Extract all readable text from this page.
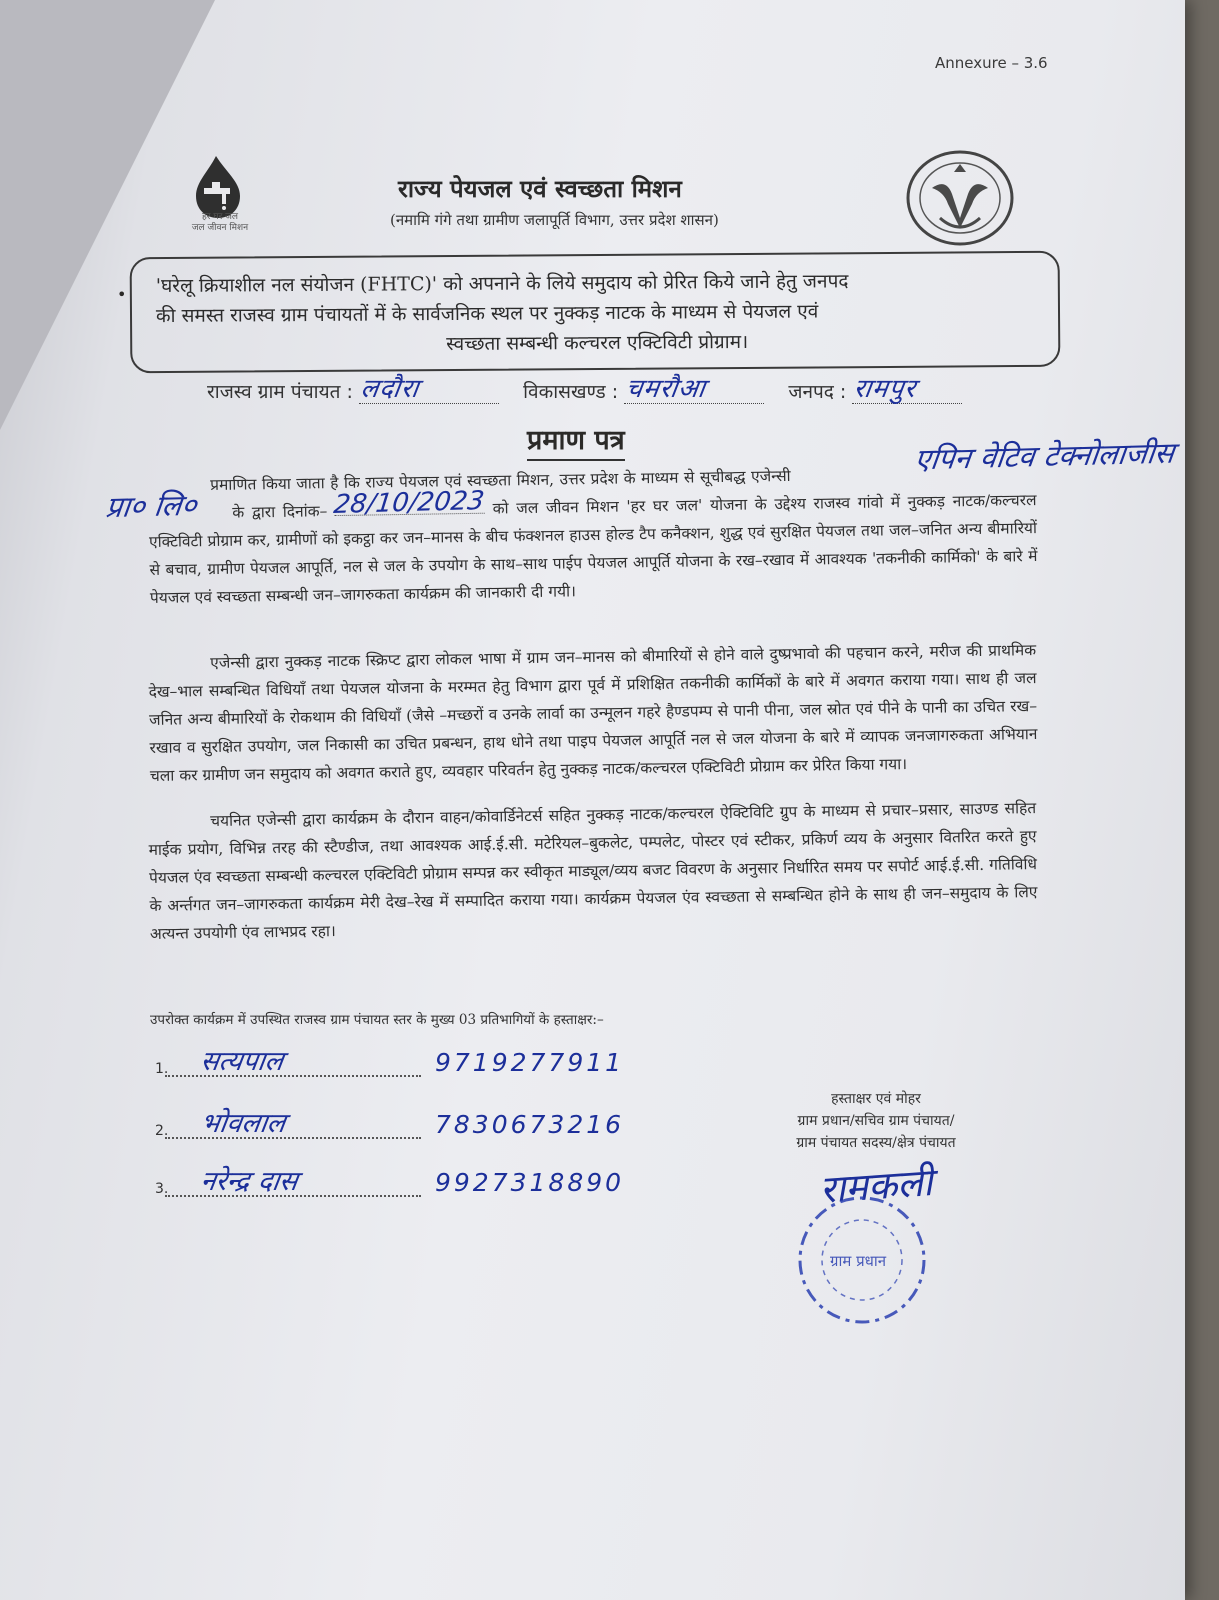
Annexure – 3.6
हर घर जल
जल जीवन मिशन
राज्य पेयजल एवं स्वच्छता मिशन
(नमामि गंगे तथा ग्रामीण जलापूर्ति विभाग, उत्तर प्रदेश शासन)
•	'घरेलू क्रियाशील नल संयोजन (FHTC)' को अपनाने के लिये समुदाय को प्रेरित किये जाने हेतु जनपद
की समस्त राजस्व ग्राम पंचायतों में के सार्वजनिक स्थल पर नुक्कड़ नाटक के माध्यम से पेयजल एवं

स्वच्छता सम्बन्धी कल्चरल एक्टिविटी प्रोग्राम।
राजस्व ग्राम पंचायत : लदौरा	विकासखण्ड : चमरौआ	जनपद : रामपुर
प्रमाण पत्र	एपिन वेटिव टेक्नोलाजीस
प्रा० लि०	28/10/2023
प्रमाणित किया जाता है कि राज्य पेयजल एवं स्वच्छता मिशन, उत्तर प्रदेश के माध्यम से सूचीबद्ध एजेन्सी   के द्वारा दिनांक–	को जल जीवन मिशन 'हर घर जल' योजना के उद्देश्य राजस्व गांवो में नुक्कड़ नाटक/कल्चरल एक्टिविटी प्रोग्राम कर, ग्रामीणों को इकट्ठा कर जन–मानस के बीच फंक्शनल हाउस होल्ड टैप कनैक्शन, शुद्ध एवं सुरक्षित पेयजल तथा जल–जनित अन्य बीमारियों से बचाव, ग्रामीण पेयजल आपूर्ति, नल से जल के उपयोग के साथ–साथ पाईप पेयजल आपूर्ति योजना के रख–रखाव में आवश्यक 'तकनीकी कार्मिको' के बारे में पेयजल एवं स्वच्छता सम्बन्धी जन–जागरुकता कार्यक्रम की जानकारी दी गयी।
एजेन्सी द्वारा नुक्कड़ नाटक स्क्रिप्ट द्वारा लोकल भाषा में ग्राम जन–मानस को बीमारियों से होने वाले दुष्प्रभावो की पहचान करने, मरीज की प्राथमिक देख–भाल सम्बन्धित विधियाँ तथा पेयजल योजना के मरम्मत हेतु विभाग द्वारा पूर्व में प्रशिक्षित तकनीकी कार्मिकों के बारे में अवगत कराया गया। साथ ही जल जनित अन्य बीमारियों के रोकथाम की विधियाँ (जैसे –मच्छरों व उनके लार्वा का उन्मूलन गहरे हैण्डपम्प से पानी पीना, जल स्रोत एवं पीने के पानी का उचित रख–रखाव व सुरक्षित उपयोग, जल निकासी का उचित प्रबन्धन, हाथ धोने तथा पाइप पेयजल आपूर्ति नल से जल योजना के बारे में व्यापक जनजागरुकता अभियान चला कर ग्रामीण जन समुदाय को अवगत कराते हुए, व्यवहार परिवर्तन हेतु नुक्कड़ नाटक/कल्चरल एक्टिविटी प्रोग्राम कर प्रेरित किया गया।
चयनित एजेन्सी द्वारा कार्यक्रम के दौरान वाहन/कोवार्डिनेटर्स सहित नुक्कड़ नाटक/कल्चरल ऐक्टिविटि ग्रुप के माध्यम से प्रचार–प्रसार, साउण्ड सहित माईक प्रयोग, विभिन्न तरह की स्टैण्डीज, तथा आवश्यक आई.ई.सी. मटेरियल–बुकलेट, पम्पलेट, पोस्टर एवं स्टीकर, प्रकिर्ण व्यय के अनुसार वितरित करते हुए पेयजल एंव स्वच्छता सम्बन्धी कल्चरल एक्टिविटी प्रोग्राम सम्पन्न कर स्वीकृत माड्यूल/व्यय बजट विवरण के अनुसार निर्धारित समय पर सपोर्ट आई.ई.सी. गतिविधि के अर्न्तगत जन–जागरुकता कार्यक्रम मेरी देख–रेख में सम्पादित कराया गया। कार्यक्रम पेयजल एंव स्वच्छता से सम्बन्धित होने के साथ ही जन–समुदाय के लिए अत्यन्त उपयोगी एंव लाभप्रद रहा।
उपरोक्त कार्यक्रम में उपस्थित राजस्व ग्राम पंचायत स्तर के मुख्य 03 प्रतिभागियों के हस्ताक्षर:–
1. सत्यपाल	9719277911
2. भोवलाल	7830673216
3. नरेन्द्र दास	9927318890
हस्ताक्षर एवं मोहर
ग्राम प्रधान/सचिव ग्राम पंचायत/
ग्राम पंचायत सदस्य/क्षेत्र पंचायत
रामकली
ग्राम प्रधान
